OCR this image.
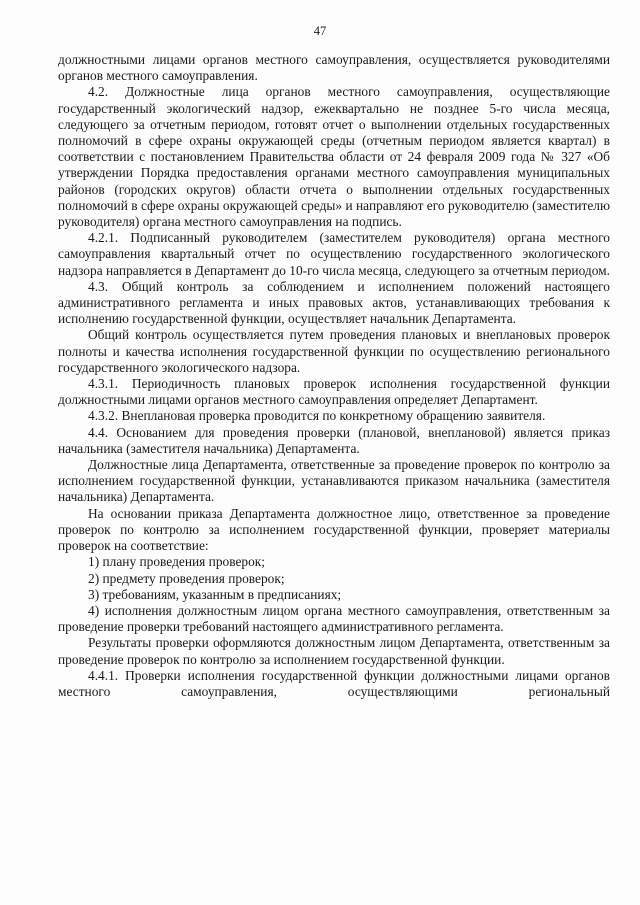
47

должностными лицами органов местного самоуправления, осуществляется руководителями органов местного самоуправления.

4.2. Должностные лица органов местного самоуправления, осуществляющие государственный экологический надзор, ежеквартально не позднее 5-го числа месяца, следующего за отчетным периодом, готовят отчет о выполнении отдельных государственных полномочий в сфере охраны окружающей среды (отчетным периодом является квартал) в соответствии с постановлением Правительства области от 24 февраля 2009 года № 327 «Об утверждении Порядка предоставления органами местного самоуправления муниципальных районов (городских округов) области отчета о выполнении отдельных государственных полномочий в сфере охраны окружающей среды» и направляют его руководителю (заместителю руководителя) органа местного самоуправления на подпись.

4.2.1. Подписанный руководителем (заместителем руководителя) органа местного самоуправления квартальный отчет по осуществлению государственного экологического надзора направляется в Департамент до 10-го числа месяца, следующего за отчетным периодом.

4.3. Общий контроль за соблюдением и исполнением положений настоящего административного регламента и иных правовых актов, устанавливающих требования к исполнению государственной функции, осуществляет начальник Департамента.

Общий контроль осуществляется путем проведения плановых и внеплановых проверок полноты и качества исполнения государственной функции по осуществлению регионального государственного экологического надзора.

4.3.1. Периодичность плановых проверок исполнения государственной функции должностными лицами органов местного самоуправления определяет Департамент.

4.3.2. Внеплановая проверка проводится по конкретному обращению заявителя.

4.4. Основанием для проведения проверки (плановой, внеплановой) является приказ начальника (заместителя начальника) Департамента.

Должностные лица Департамента, ответственные за проведение проверок по контролю за исполнением государственной функции, устанавливаются приказом начальника (заместителя начальника) Департамента.

На основании приказа Департамента должностное лицо, ответственное за проведение проверок по контролю за исполнением государственной функции, проверяет материалы проверок на соответствие:

1) плану проведения проверок;

2) предмету проведения проверок;

3) требованиям, указанным в предписаниях;

4) исполнения должностным лицом органа местного самоуправления, ответственным за проведение проверки требований настоящего административного регламента.

Результаты проверки оформляются должностным лицом Департамента, ответственным за проведение проверок по контролю за исполнением государственной функции.

4.4.1. Проверки исполнения государственной функции должностными лицами органов местного самоуправления, осуществляющими региональный
